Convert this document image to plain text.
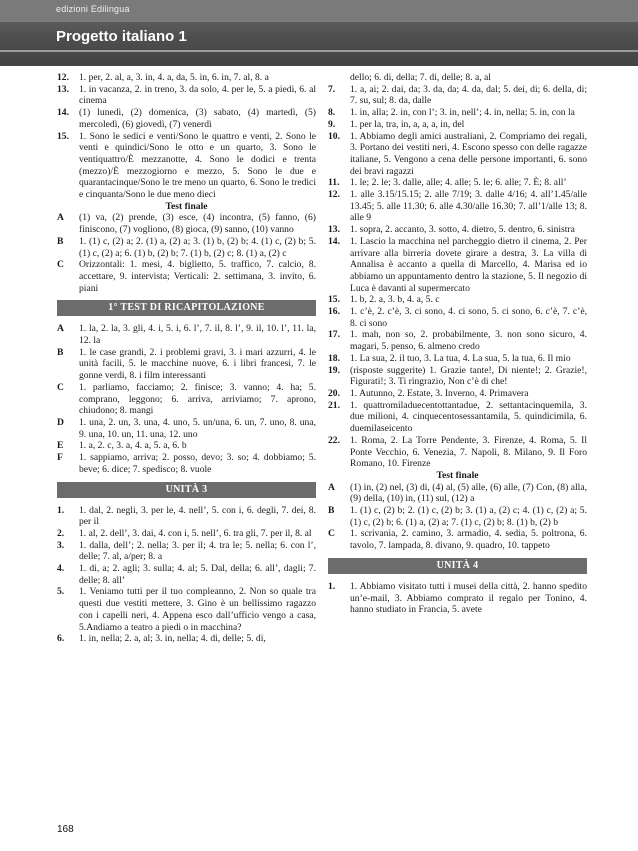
edizioni Edilingua
Progetto italiano 1
12.	1. per, 2. al, a, 3. in, 4. a, da, 5. in, 6. in, 7. al, 8. a
13.	1. in vacanza, 2. in treno, 3. da solo, 4. per le, 5. a piedi, 6. al cinema
14.	(1) lunedì, (2) domenica, (3) sabato, (4) martedì, (5) mercoledì, (6) giovedì, (7) venerdì
15.	1. Sono le sedici e venti/Sono le quattro e venti, 2. Sono le venti e quindici/Sono le otto e un quarto, 3. Sono le ventiquattro/È mezzanotte, 4. Sono le dodici e trenta (mezzo)/È mezzogiorno e mezzo, 5. Sono le due e quarantacinque/Sono le tre meno un quarto, 6. Sono le tredici e cinquanta/Sono le due meno dieci
Test finale
A	(1) va, (2) prende, (3) esce, (4) incontra, (5) fanno, (6) finiscono, (7) vogliono, (8) gioca, (9) sanno, (10) vanno
B	1. (1) c, (2) a; 2. (1) a, (2) a; 3. (1) b, (2) b; 4. (1) c, (2) b; 5. (1) c, (2) a; 6. (1) b, (2) b; 7. (1) b, (2) c; 8. (1) a, (2) c
C	Orizzontali: 1. mesi, 4. biglietto, 5. traffico, 7. calcio, 8. accettare, 9. intervista; Verticali: 2. settimana, 3. invito, 6. piani
1° TEST DI RICAPITOLAZIONE
A	1. la, 2. la, 3. gli, 4. i, 5. i, 6. l’, 7. il, 8. l’, 9. il, 10. l’, 11. la, 12. la
B	1. le case grandi, 2. i problemi gravi, 3. i mari azzurri, 4. le unità facili, 5. le macchine nuove, 6. i libri francesi, 7. le gonne verdi, 8. i film interessanti
C	1. parliamo, facciamo; 2. finisce; 3. vanno; 4. ha; 5. comprano, leggono; 6. arriva, arriviamo; 7. aprono, chiudono; 8. mangi
D	1. una, 2. un, 3. una, 4. uno, 5. un/una, 6. un, 7. uno, 8. una, 9. una, 10. un, 11. una, 12. uno
E	1. a, 2. c, 3. a, 4. a, 5. a, 6. b
F	1. sappiamo, arriva; 2. posso, devo; 3. so; 4. dobbiamo; 5. beve; 6. dice; 7. spedisco; 8. vuole
UNITÀ 3
1.	1. dal, 2. negli, 3. per le, 4. nell’, 5. con i, 6. degli, 7. dei, 8. per il
2.	1. al, 2. dell’, 3. dai, 4. con i, 5. nell’, 6. tra gli, 7. per il, 8. al
3.	1. dalla, dell’; 2. nella; 3. per il; 4. tra le; 5. nella; 6. con l’, delle; 7. al, a/per; 8. a
4.	1. di, a; 2. agli; 3. sulla; 4. al; 5. Dal, della; 6. all’, dagli; 7. delle; 8. all’
5.	1. Veniamo tutti per il tuo compleanno, 2. Non so quale tra questi due vestiti mettere, 3. Gino è un bellissimo ragazzo con i capelli neri, 4. Appena esco dall’ufficio vengo a casa, 5.Andiamo a teatro a piedi o in macchina?
6.	1. in, nella; 2. a, al; 3. in, nella; 4. di, delle; 5. di,
dello; 6. di, della; 7. di, delle; 8. a, al
7.	1. a, ai; 2. dai, da; 3. da, da; 4. da, dal; 5. dei, di; 6. della, di; 7. su, sul; 8. da, dalle
8.	1. in, alla; 2. in, con l’; 3. in, nell’; 4. in, nella; 5. in, con la
9.	1. per la, tra, in, a, a, a, in, del
10.	1. Abbiamo degli amici australiani, 2. Compriamo dei regali, 3. Portano dei vestiti neri, 4. Escono spesso con delle ragazze italiane, 5. Vengono a cena delle persone importanti, 6. sono dei bravi ragazzi
11.	1. le; 2. le; 3. dalle, alle; 4. alle; 5. le; 6. alle; 7. È; 8. all’
12.	1. alle 3.15/15.15; 2. alle 7/19; 3. dalle 4/16; 4. all’1.45/alle 13.45; 5. alle 11.30; 6. alle 4.30/alle 16.30; 7. all’1/alle 13; 8. alle 9
13.	1. sopra, 2. accanto, 3. sotto, 4. dietro, 5. dentro, 6. sinistra
14.	1. Lascio la macchina nel parcheggio dietro il cinema, 2. Per arrivare alla birreria dovete girare a destra, 3. La villa di Annalisa è accanto a quella di Marcello, 4. Marisa ed io abbiamo un appuntamento dentro la stazione, 5. Il negozio di Luca è davanti al supermercato
15.	1. b, 2. a, 3. b, 4. a, 5. c
16.	1. c’è, 2. c’è, 3. ci sono, 4. ci sono, 5. ci sono, 6. c’è, 7. c’è, 8. ci sono
17.	1. mah, non so, 2. probabilmente, 3. non sono sicuro, 4. magari, 5. penso, 6. almeno credo
18.	1. La sua, 2. il tuo, 3. La tua, 4. La sua, 5. la tua, 6. Il mio
19.	(risposte suggerite) 1. Grazie tante!, Di niente!; 2. Grazie!, Figurati!; 3. Ti ringrazio, Non c’è di che!
20.	1. Autunno, 2. Estate, 3. Inverno, 4. Primavera
21.	1. quattromiladuecentottantadue, 2. settantacinquemila, 3. due milioni, 4. cinquecentosessantamila, 5. quindicimila, 6. duemilaseicento
22.	1. Roma, 2. La Torre Pendente, 3. Firenze, 4. Roma, 5. Il Ponte Vecchio, 6. Venezia, 7. Napoli, 8. Milano, 9. Il Foro Romano, 10. Firenze
Test finale
A	(1) in, (2) nel, (3) di, (4) al, (5) alle, (6) alle, (7) Con, (8) alla, (9) della, (10) in, (11) sul, (12) a
B	1. (1) c, (2) b; 2. (1) c, (2) b; 3. (1) a, (2) c; 4. (1) c, (2) a; 5. (1) c, (2) b; 6. (1) a, (2) a; 7. (1) c, (2) b; 8. (1) b, (2) b
C	1. scrivania, 2. camino, 3. armadio, 4. sedia, 5. poltrona, 6. tavolo, 7. lampada, 8. divano, 9. quadro, 10. tappeto
UNITÀ 4
1.	1. Abbiamo visitato tutti i musei della città, 2. hanno spedito un’e-mail, 3. Abbiamo comprato il regalo per Tonino, 4. hanno studiato in Francia, 5. avete
168
